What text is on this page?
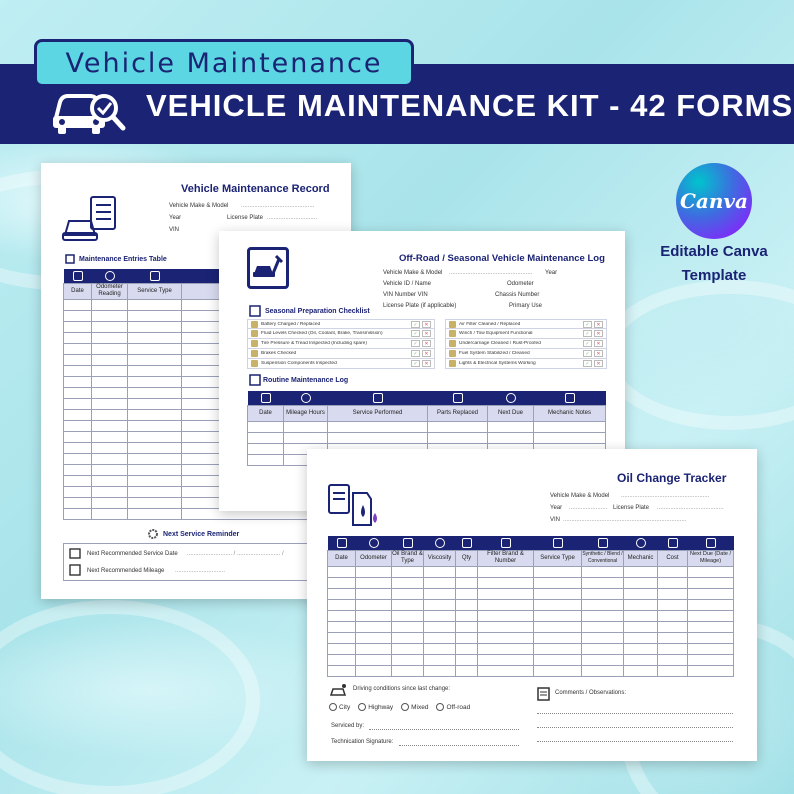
Vehicle Maintenance
VEHICLE MAINTENANCE KIT - 42 FORMS
Canva
Editable Canva
Template
Vehicle Maintenance Record
Vehicle Make & Model ............................................
Year	License Plate ..............................
VIN
Maintenance Entries Table

Date	Odometer Reading	Service Type	

Next Service Reminder
Next Recommended Service Date ........................... / .......................... /
Next Recommended Mileage ..............................
Off-Road / Seasonal Vehicle Maintenance Log
Vehicle Make & Model .................................................. Year
Vehicle ID / Name	Odometer
VIN Number VIN	Chassis Number
License Plate (if applicable)	Primary Use
Seasonal Preparation Checklist
Battery Charged / Replaced	✓	✕
Fluid Levels Checked (Oil, Coolant, Brake, Transmission)	✓	✕
Tire Pressure & Tread Inspected (Including spare)	✓	✕
Brakes Checked	✓	✕
Suspension Components Inspected	✓	✕
Air Filter Cleaned / Replaced	✓	✕
Winch / Tow Equipment Functional	✓	✕
Undercarriage Cleaned / Rust-Proofed	✓	✕
Fuel System Stabilized / Cleaned	✓	✕
Lights & Electrical Systems Working	✓	✕
Routine Maintenance Log

Date	Mileage Hours	Service Performed	Parts Replaced	Next Due	Mechanic Notes

Oil Change Tracker
Vehicle Make & Model .....................................................
Year ....................... License Plate ........................................
VIN ..........................................................................

Date	Odometer	Oil Brand & Type	Viscosity	Qty	Filter Brand & Number	Service Type	Synthetic / Blend / Conventional	Mechanic	Cost	Next Due (Date / Mileage)

Driving conditions since last change:
City	Highway	Mixed	Off-road
Comments / Observations:
Serviced by:
Technication Signature:
